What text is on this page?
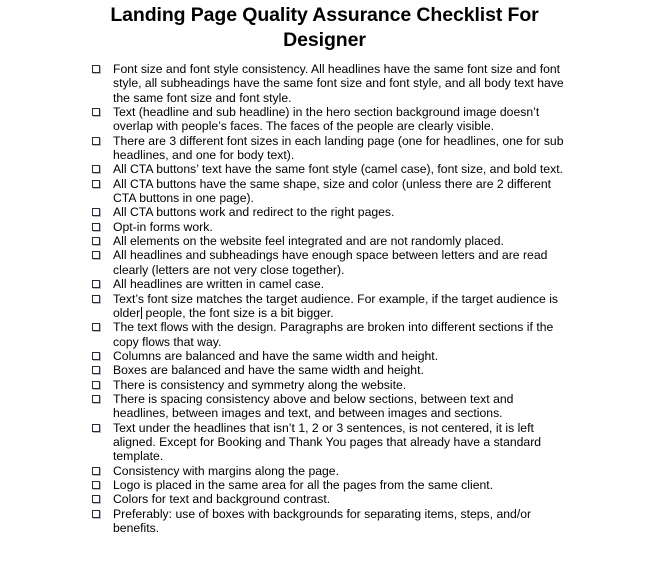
Landing Page Quality Assurance Checklist For Designer
Font size and font style consistency. All headlines have the same font size and font style, all subheadings have the same font size and font style, and all body text have the same font size and font style.
Text (headline and sub headline) in the hero section background image doesn’t overlap with people’s faces. The faces of the people are clearly visible.
There are 3 different font sizes in each landing page (one for headlines, one for sub headlines, and one for body text).
All CTA buttons’ text have the same font style (camel case), font size, and bold text.
All CTA buttons have the same shape, size and color (unless there are 2 different CTA buttons in one page).
All CTA buttons work and redirect to the right pages.
Opt-in forms work.
All elements on the website feel integrated and are not randomly placed.
All headlines and subheadings have enough space between letters and are read clearly (letters are not very close together).
All headlines are written in camel case.
Text’s font size matches the target audience. For example, if the target audience is older people, the font size is a bit bigger.
The text flows with the design. Paragraphs are broken into different sections if the copy flows that way.
Columns are balanced and have the same width and height.
Boxes are balanced and have the same width and height.
There is consistency and symmetry along the website.
There is spacing consistency above and below sections, between text and headlines, between images and text, and between images and sections.
Text under the headlines that isn’t 1, 2 or 3 sentences, is not centered, it is left aligned. Except for Booking and Thank You pages that already have a standard template.
Consistency with margins along the page.
Logo is placed in the same area for all the pages from the same client.
Colors for text and background contrast.
Preferably: use of boxes with backgrounds for separating items, steps, and/or benefits.
